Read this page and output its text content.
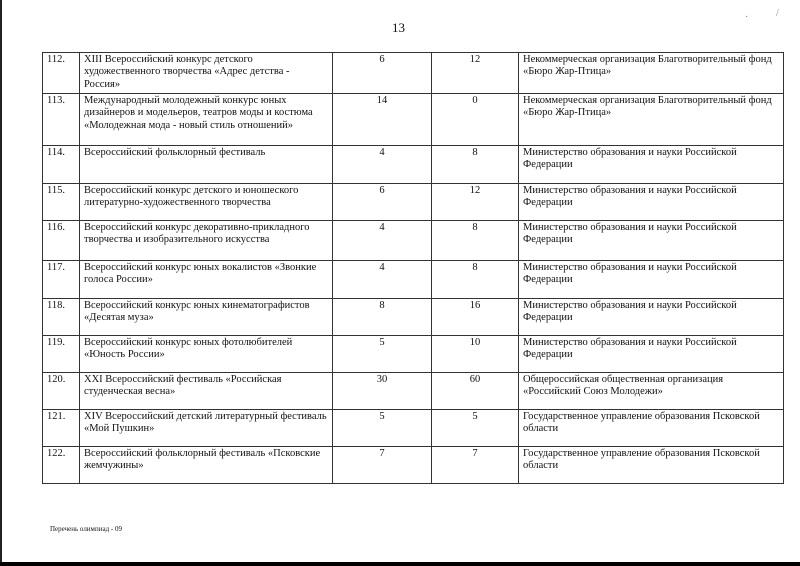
·	/
13
112.	XIII Всероссийский конкурс детского художественного творчества «Адрес детства - Россия»	6	12	Некоммерческая организация Благотворительный фонд «Бюро Жар-Птица»
113.	Международный молодежный конкурс юных дизайнеров и модельеров, театров моды и костюма «Молодежная мода - новый стиль отношений»	14	0	Некоммерческая организация Благотворительный фонд «Бюро Жар-Птица»
114.	Всероссийский фольклорный фестиваль	4	8	Министерство образования и науки Российской Федерации
115.	Всероссийский конкурс детского и юношеского литературно-художественного творчества	6	12	Министерство образования и науки Российской Федерации
116.	Всероссийский конкурс декоративно-прикладного творчества и изобразительного искусства	4	8	Министерство образования и науки Российской Федерации
117.	Всероссийский конкурс юных вокалистов «Звонкие голоса России»	4	8	Министерство образования и науки Российской Федерации
118.	Всероссийский конкурс юных кинематографистов «Десятая муза»	8	16	Министерство образования и науки Российской Федерации
119.	Всероссийский конкурс юных фотолюбителей «Юность России»	5	10	Министерство образования и науки Российской Федерации
120.	XXI Всероссийский фестиваль «Российская студенческая весна»	30	60	Общероссийская общественная организация «Российский Союз Молодежи»
121.	XIV Всероссийский детский литературный фестиваль «Мой Пушкин»	5	5	Государственное управление образования Псковской области
122.	Всероссийский фольклорный фестиваль «Псковские жемчужины»	7	7	Государственное управление образования Псковской области
Перечень олимпиад - 09
